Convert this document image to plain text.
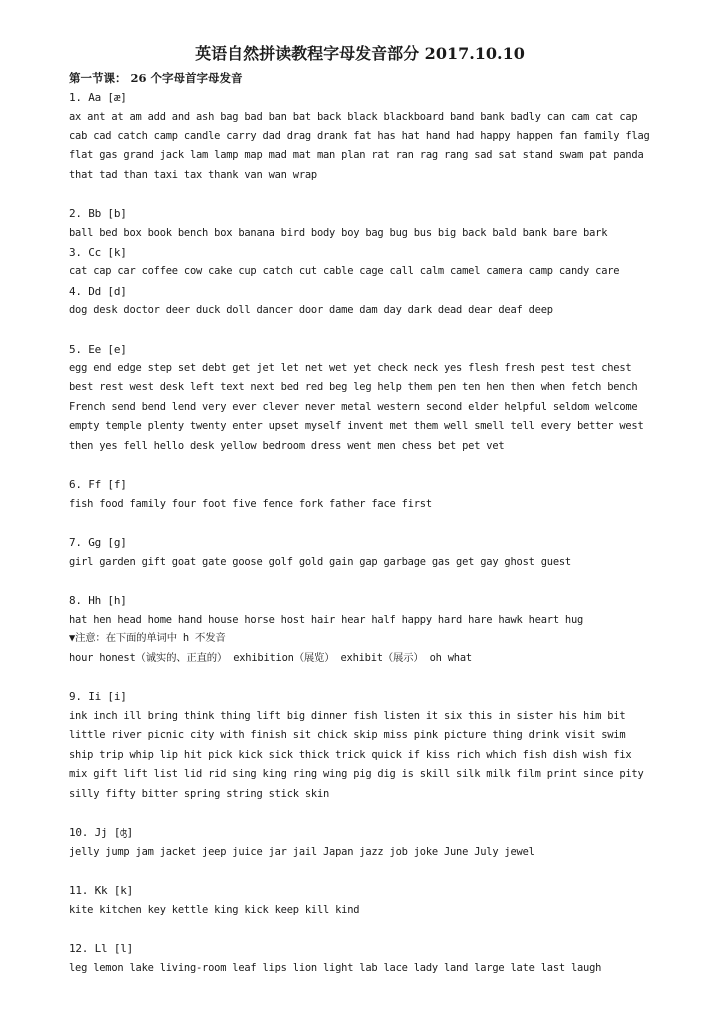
英语自然拼读教程字母发音部分 2017.10.10
第一节课： 26 个字母首字母发音
1. Aa [æ]
ax ant at am add and ash bag bad ban bat back black blackboard band bank badly can cam cat cap
cab cad catch camp candle carry dad drag drank fat has hat hand had happy happen fan family flag
flat gas grand jack lam lamp map mad mat man plan rat ran rag rang sad sat stand swam pat panda
that tad than taxi tax thank van wan wrap
2. Bb [b]
ball bed box book bench box banana bird body boy bag bug bus big back bald bank bare bark
3. Cc [k]
cat cap car coffee cow cake cup catch cut cable cage call calm camel camera camp candy care
4. Dd [d]
dog desk doctor deer duck doll dancer door dame dam day dark dead dear deaf deep
5. Ee [e]
egg end edge step set debt get jet let net wet yet check neck yes flesh fresh pest test chest
best rest west desk left text next bed red beg leg help them pen ten hen then when fetch bench
French send bend lend very ever clever never metal western second elder helpful seldom welcome
empty temple plenty twenty enter upset myself invent met them well smell tell every better west
then yes fell hello desk yellow bedroom dress went men chess bet pet vet
6. Ff [f]
fish food family four foot five fence fork father face first
7. Gg [g]
girl garden gift goat gate goose golf gold gain gap garbage gas get gay ghost guest
8. Hh [h]
hat hen head home hand house horse host hair hear half happy hard hare hawk heart hug
▼注意：在下面的单词中 h 不发音
hour honest（诚实的、正直的） exhibition（展览） exhibit（展示） oh what
9. Ii [i]
ink inch ill bring think thing lift big dinner fish listen it six this in sister his him bit
little river picnic city with finish sit chick skip miss pink picture thing drink visit swim
ship trip whip lip hit pick kick sick thick trick quick if kiss rich which fish dish wish fix
mix gift lift list lid rid sing king ring wing pig dig is skill silk milk film print since pity
silly fifty bitter spring string stick skin
10. Jj [ʤ]
jelly jump jam jacket jeep juice jar jail Japan jazz job joke June July jewel
11. Kk [k]
kite kitchen key kettle king kick keep kill kind
12. Ll [l]
leg lemon lake living-room leaf lips lion light lab lace lady land large late last laugh
